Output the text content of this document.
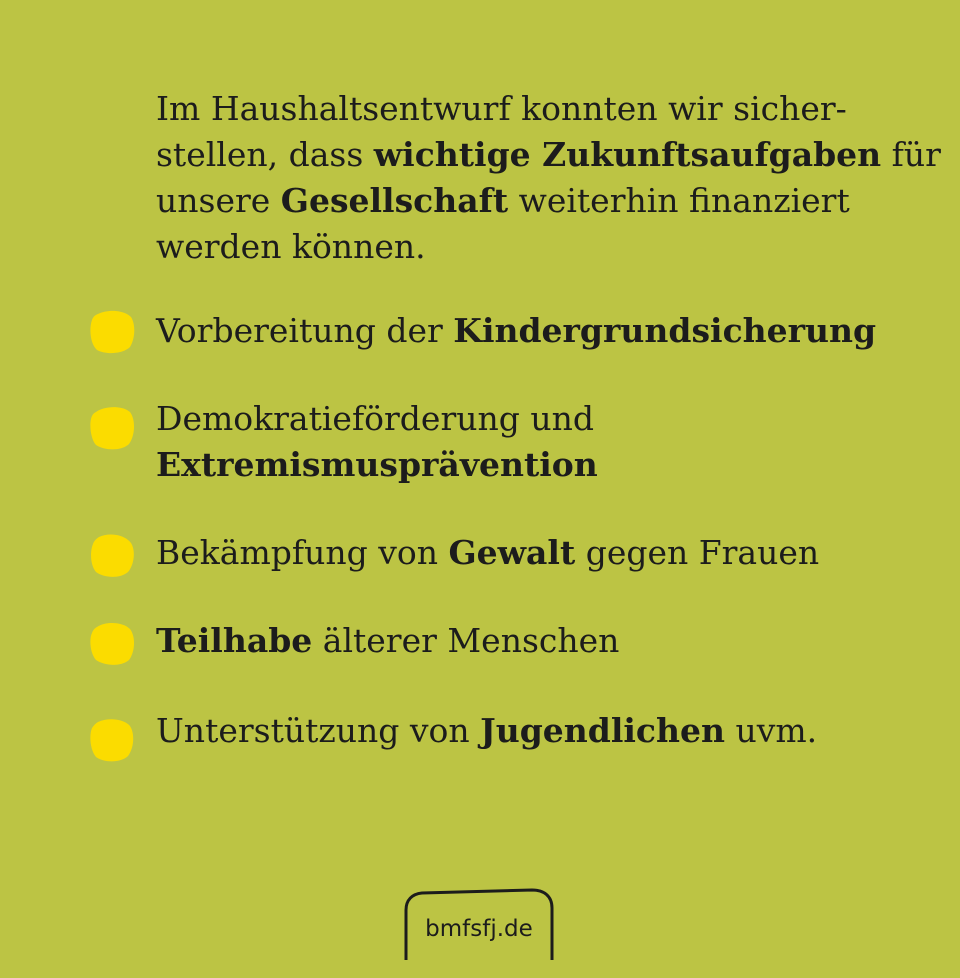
Im Haushaltsentwurf konnten wir sicher-
stellen, dass wichtige Zukunftsaufgaben für
unsere Gesellschaft weiterhin finanziert
werden können.
Vorbereitung der Kindergrundsicherung
Demokratieförderung und
Extremismusprävention
Bekämpfung von Gewalt gegen Frauen
Teilhabe älterer Menschen
Unterstützung von Jugendlichen uvm.
bmfsfj.de
